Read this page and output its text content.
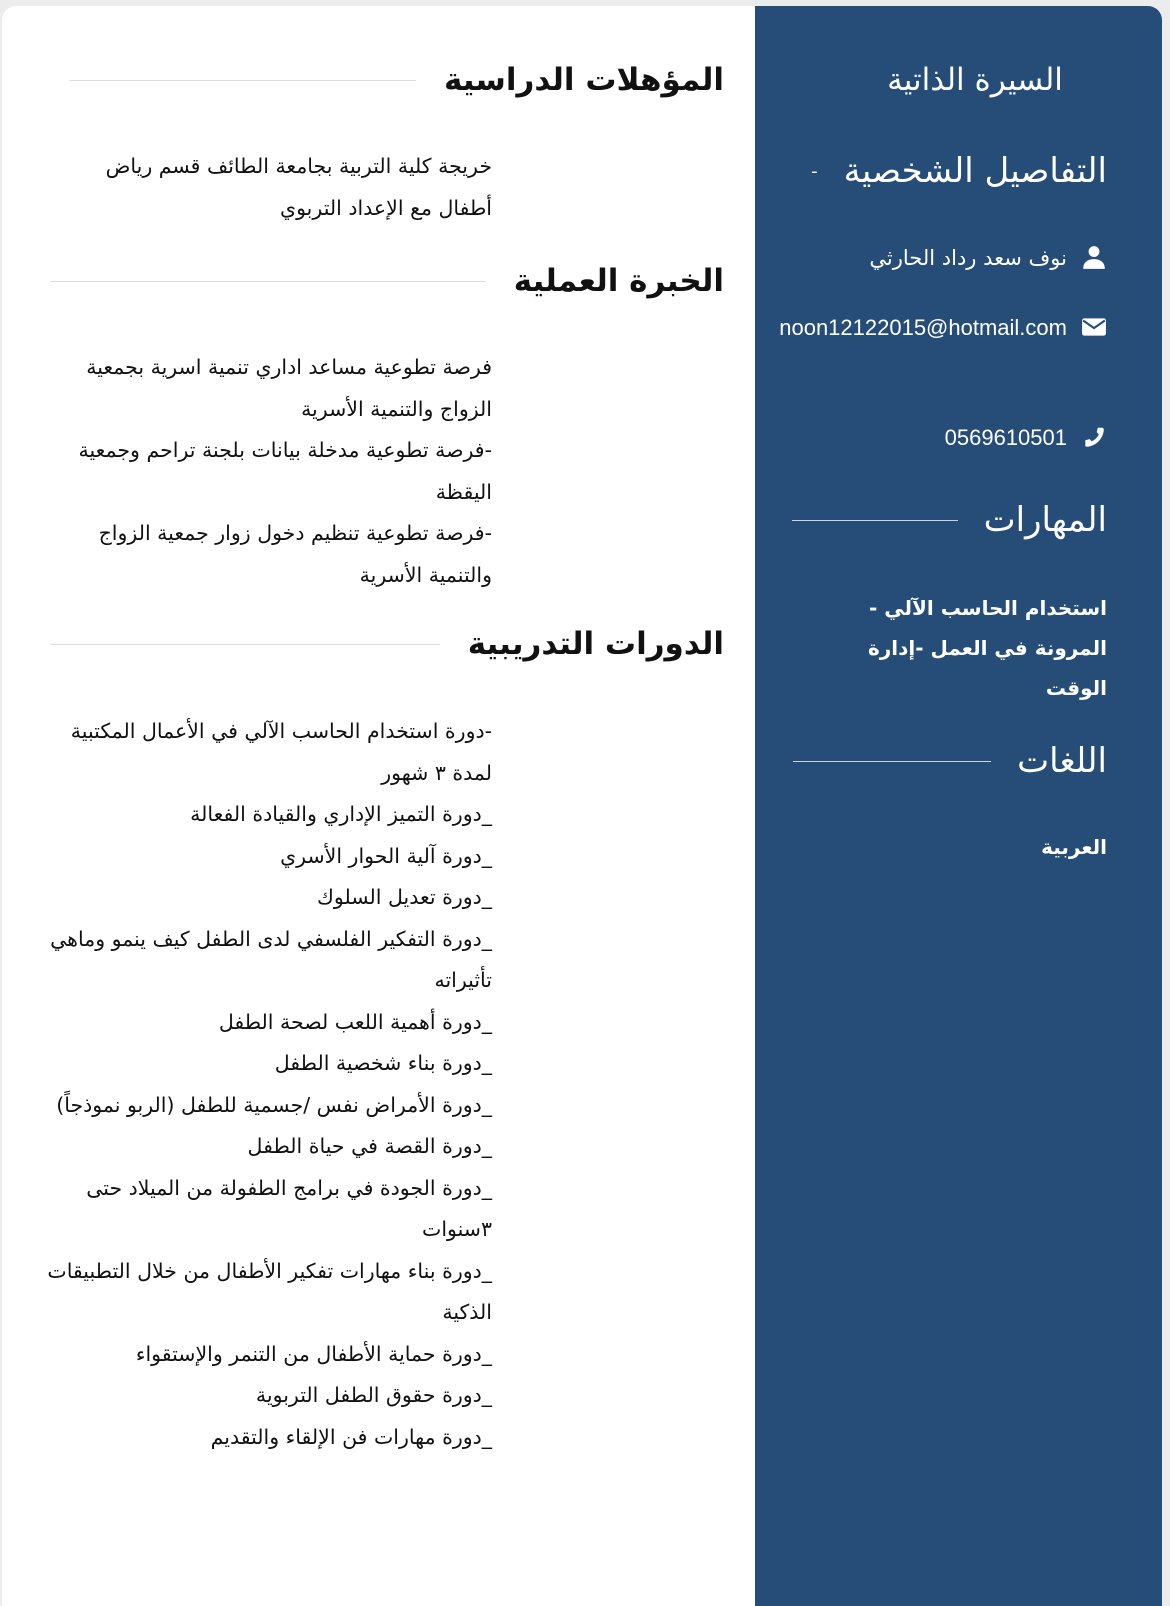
المؤهلات الدراسية
خريجة كلية التربية بجامعة الطائف قسم رياض أطفال مع الإعداد التربوي
الخبرة العملية
فرصة تطوعية مساعد اداري تنمية اسرية بجمعية الزواج والتنمية الأسرية
-فرصة تطوعية مدخلة بيانات بلجنة تراحم وجمعية اليقظة
-فرصة تطوعية تنظيم دخول زوار جمعية الزواج والتنمية الأسرية
الدورات التدريبية
-دورة استخدام الحاسب الآلي في الأعمال المكتبية لمدة ٣ شهور
_دورة التميز الإداري والقيادة الفعالة
_دورة آلية الحوار الأسري
_دورة تعديل السلوك
_دورة التفكير الفلسفي لدى الطفل كيف ينمو وماهي تأثيراته
_دورة أهمية اللعب لصحة الطفل
_دورة بناء شخصية الطفل
_دورة الأمراض نفس /جسمية للطفل (الربو نموذجاً)
_دورة القصة في حياة الطفل
_دورة الجودة في برامج الطفولة من الميلاد حتى ٣سنوات
_دورة بناء مهارات تفكير الأطفال من خلال التطبيقات الذكية
_دورة حماية الأطفال من التنمر والإستقواء
_دورة حقوق الطفل التربوية
_دورة مهارات فن الإلقاء والتقديم
السيرة الذاتية
التفاصيل الشخصية
-
نوف سعد رداد الحارثي
noon12122015@hotmail.com
0569610501
المهارات
استخدام الحاسب الآلي - المرونة في العمل -إدارة الوقت
اللغات
العربية
